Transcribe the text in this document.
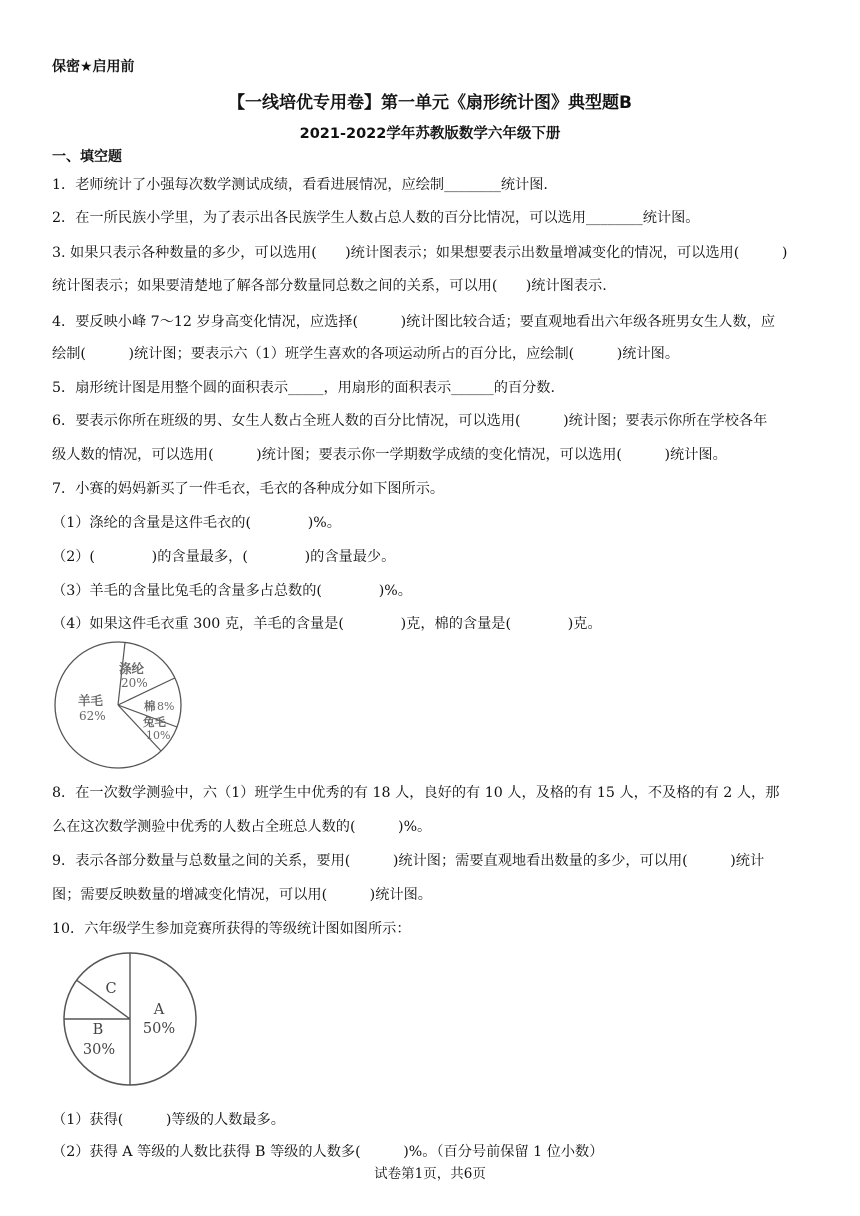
保密★启用前
【一线培优专用卷】第一单元《扇形统计图》典型题B
2021-2022学年苏教版数学六年级下册
一、填空题
1．老师统计了小强每次数学测试成绩，看看进展情况，应绘制________统计图.
2．在一所民族小学里，为了表示出各民族学生人数占总人数的百分比情况，可以选用________统计图。
3. 如果只表示各种数量的多少，可以选用(　　)统计图表示；如果想要表示出数量增减变化的情况，可以选用(　　　)
统计图表示；如果要清楚地了解各部分数量同总数之间的关系，可以用(　　)统计图表示.
4．要反映小峰 7～12 岁身高变化情况，应选择(　　　)统计图比较合适；要直观地看出六年级各班男女生人数，应
绘制(　　　)统计图；要表示六（1）班学生喜欢的各项运动所占的百分比，应绘制(　　　)统计图。
5．扇形统计图是用整个圆的面积表示_____，用扇形的面积表示______的百分数.
6．要表示你所在班级的男、女生人数占全班人数的百分比情况，可以选用(　　　)统计图；要表示你所在学校各年
级人数的情况，可以选用(　　　)统计图；要表示你一学期数学成绩的变化情况，可以选用(　　　)统计图。
7．小赛的妈妈新买了一件毛衣，毛衣的各种成分如下图所示。
（1）涤纶的含量是这件毛衣的(　　　　)%。
（2）(　　　　)的含量最多，(　　　　)的含量最少。
（3）羊毛的含量比兔毛的含量多占总数的(　　　　)%。
（4）如果这件毛衣重 300 克，羊毛的含量是(　　　　)克，棉的含量是(　　　　)克。
涤纶
20%
棉 8%
兔毛
10%
羊毛
62%
8．在一次数学测验中，六（1）班学生中优秀的有 18 人，良好的有 10 人，及格的有 15 人，不及格的有 2 人，那
么在这次数学测验中优秀的人数占全班总人数的(　　　)%。
9．表示各部分数量与总数量之间的关系，要用(　　　)统计图；需要直观地看出数量的多少，可以用(　　　)统计
图；需要反映数量的增减变化情况，可以用(　　　)统计图。
10．六年级学生参加竞赛所获得的等级统计图如图所示：
A
50%
B
30%
C
（1）获得(　　　)等级的人数最多。
（2）获得 A 等级的人数比获得 B 等级的人数多(　　　)%。（百分号前保留 1 位小数）
试卷第1页，共6页
